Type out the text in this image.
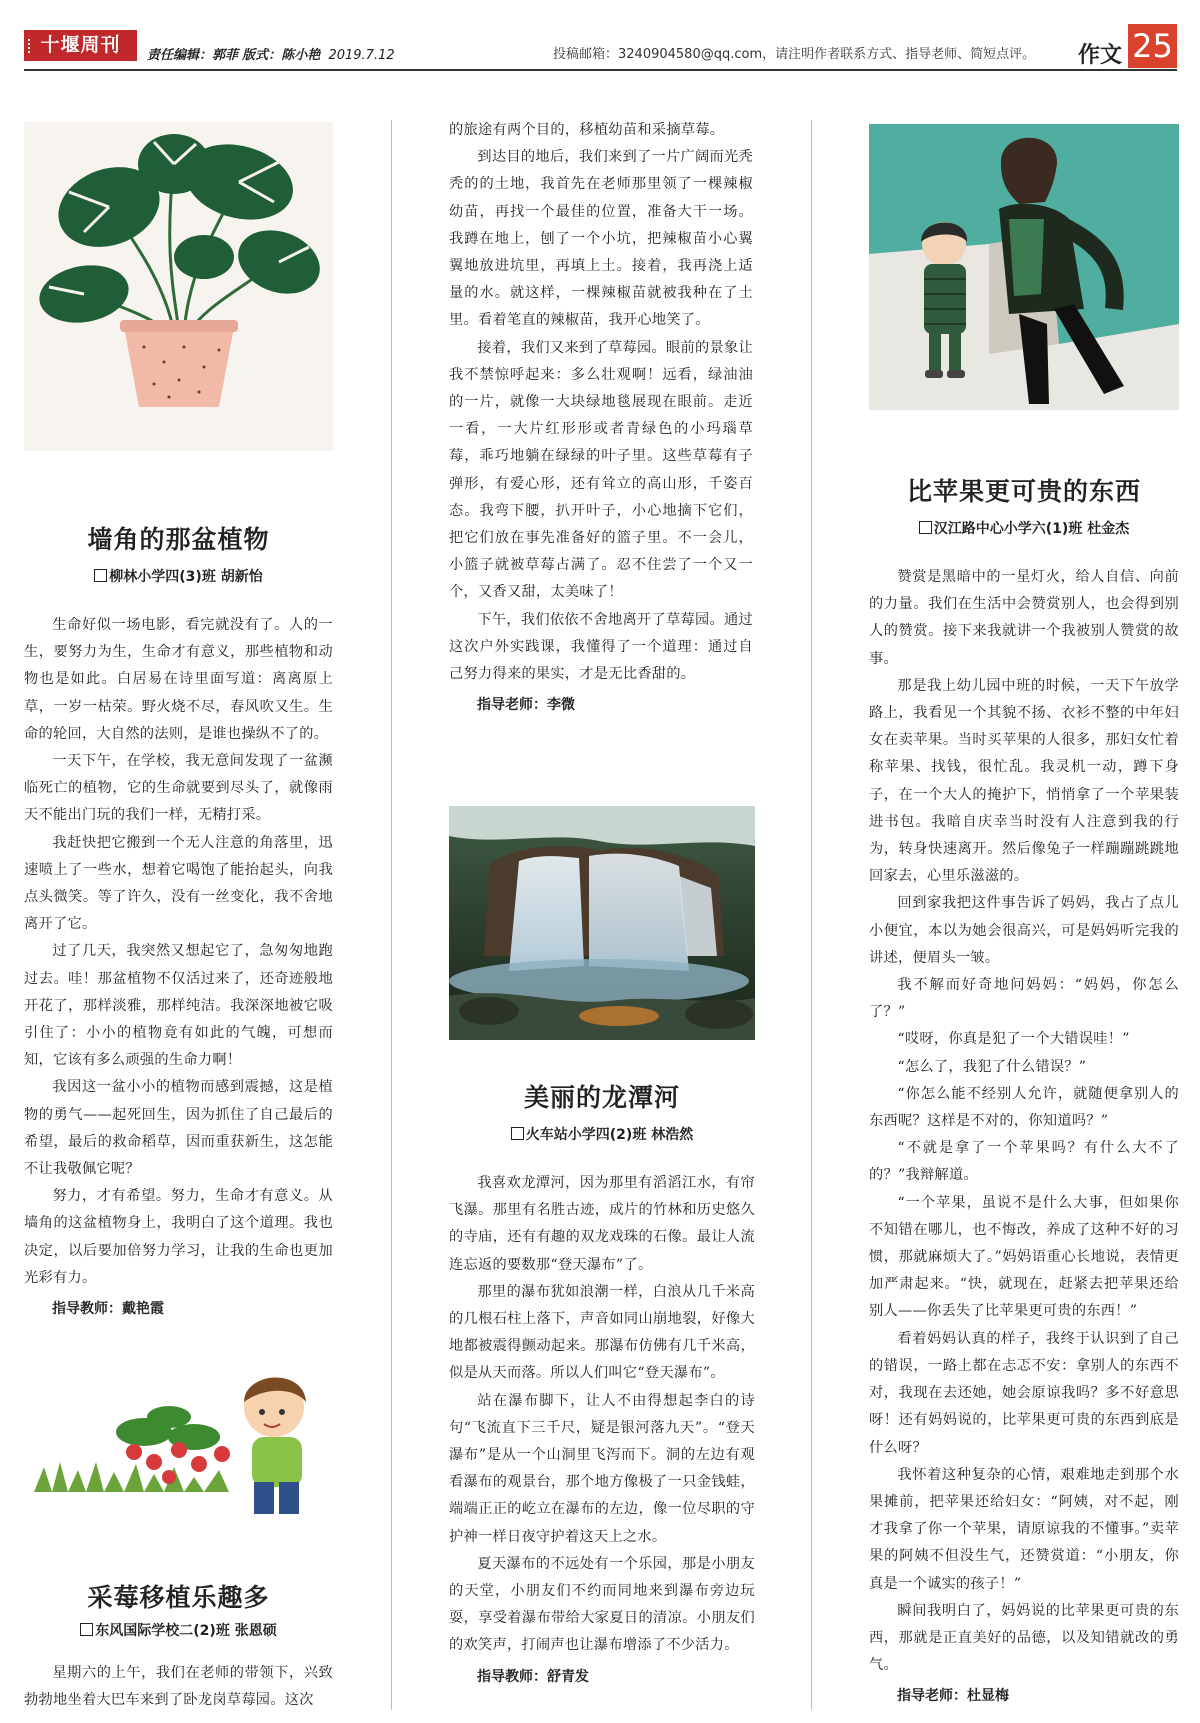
十堰周刊	责任编辑：郭菲 版式：陈小艳 2019.7.12	投稿邮箱：3240904580@qq.com，请注明作者联系方式、指导老师、简短点评。 作文 25
墙角的那盆植物
柳林小学四(3)班 胡新怡

生命好似一场电影，看完就没有了。人的一生，要努力为生，生命才有意义，那些植物和动物也是如此。白居易在诗里面写道：离离原上草，一岁一枯荣。野火烧不尽，春风吹又生。生命的轮回，大自然的法则，是谁也操纵不了的。

一天下午，在学校，我无意间发现了一盆濒临死亡的植物，它的生命就要到尽头了，就像雨天不能出门玩的我们一样，无精打采。

我赶快把它搬到一个无人注意的角落里，迅速喷上了一些水，想着它喝饱了能抬起头，向我点头微笑。等了许久，没有一丝变化，我不舍地离开了它。

过了几天，我突然又想起它了，急匆匆地跑过去。哇！那盆植物不仅活过来了，还奇迹般地开花了，那样淡雅，那样纯洁。我深深地被它吸引住了：小小的植物竟有如此的气魄，可想而知，它该有多么顽强的生命力啊！

我因这一盆小小的植物而感到震撼，这是植物的勇气——起死回生，因为抓住了自己最后的希望，最后的救命稻草，因而重获新生，这怎能不让我敬佩它呢？

努力，才有希望。努力，生命才有意义。从墙角的这盆植物身上，我明白了这个道理。我也决定，以后要加倍努力学习，让我的生命也更加光彩有力。

指导教师：戴艳霞
采莓移植乐趣多
东风国际学校二(2)班 张恩硕

星期六的上午，我们在老师的带领下，兴致勃勃地坐着大巴车来到了卧龙岗草莓园。这次

的旅途有两个目的，移植幼苗和采摘草莓。

到达目的地后，我们来到了一片广阔而光秃秃的的土地，我首先在老师那里领了一棵辣椒幼苗，再找一个最佳的位置，准备大干一场。我蹲在地上，刨了一个小坑，把辣椒苗小心翼翼地放进坑里，再填上土。接着，我再浇上适量的水。就这样，一棵辣椒苗就被我种在了土里。看着笔直的辣椒苗，我开心地笑了。

接着，我们又来到了草莓园。眼前的景象让我不禁惊呼起来：多么壮观啊！远看，绿油油的一片，就像一大块绿地毯展现在眼前。走近一看，一大片红形形或者青绿色的小玛瑙草莓，乖巧地躺在绿绿的叶子里。这些草莓有子弹形，有爱心形，还有耸立的高山形，千姿百态。我弯下腰，扒开叶子，小心地摘下它们，把它们放在事先准备好的篮子里。不一会儿，小篮子就被草莓占满了。忍不住尝了一个又一个，又香又甜，太美味了！

下午，我们依依不舍地离开了草莓园。通过这次户外实践课，我懂得了一个道理：通过自己努力得来的果实，才是无比香甜的。

指导老师：李微
美丽的龙潭河
火车站小学四(2)班 林浩然

我喜欢龙潭河，因为那里有滔滔江水，有帘飞瀑。那里有名胜古迹，成片的竹林和历史悠久的寺庙，还有有趣的双龙戏珠的石像。最让人流连忘返的要数那“登天瀑布”了。

那里的瀑布犹如浪潮一样，白浪从几千米高的几根石柱上落下，声音如同山崩地裂，好像大地都被震得颤动起来。那瀑布仿佛有几千米高，似是从天而落。所以人们叫它“登天瀑布”。

站在瀑布脚下，让人不由得想起李白的诗句“飞流直下三千尺，疑是银河落九天”。“登天瀑布”是从一个山洞里飞泻而下。洞的左边有观看瀑布的观景台，那个地方像极了一只金钱蛙，端端正正的屹立在瀑布的左边，像一位尽职的守护神一样日夜守护着这天上之水。

夏天瀑布的不远处有一个乐园，那是小朋友的天堂，小朋友们不约而同地来到瀑布旁边玩耍，享受着瀑布带给大家夏日的清凉。小朋友们的欢笑声，打闹声也让瀑布增添了不少活力。

指导教师：舒青发
比苹果更可贵的东西
汉江路中心小学六(1)班 杜金杰

赞赏是黑暗中的一星灯火，给人自信、向前的力量。我们在生活中会赞赏别人，也会得到别人的赞赏。接下来我就讲一个我被别人赞赏的故事。

那是我上幼儿园中班的时候，一天下午放学路上，我看见一个其貌不扬、衣衫不整的中年妇女在卖苹果。当时买苹果的人很多，那妇女忙着称苹果、找钱，很忙乱。我灵机一动，蹲下身子，在一个大人的掩护下，悄悄拿了一个苹果装进书包。我暗自庆幸当时没有人注意到我的行为，转身快速离开。然后像兔子一样蹦蹦跳跳地回家去，心里乐滋滋的。

回到家我把这件事告诉了妈妈，我占了点儿小便宜，本以为她会很高兴，可是妈妈听完我的讲述，便眉头一皱。

我不解而好奇地问妈妈：“妈妈，你怎么了？”

“哎呀，你真是犯了一个大错误哇！”

“怎么了，我犯了什么错误？”

“你怎么能不经别人允许，就随便拿别人的东西呢？这样是不对的，你知道吗？”

“不就是拿了一个苹果吗？有什么大不了的？”我辩解道。

“一个苹果，虽说不是什么大事，但如果你不知错在哪儿，也不悔改，养成了这种不好的习惯，那就麻烦大了。”妈妈语重心长地说，表情更加严肃起来。“快，就现在，赶紧去把苹果还给别人——你丢失了比苹果更可贵的东西！”

看着妈妈认真的样子，我终于认识到了自己的错误，一路上都在忐忑不安：拿别人的东西不对，我现在去还她，她会原谅我吗？多不好意思呀！还有妈妈说的，比苹果更可贵的东西到底是什么呀？

我怀着这种复杂的心情，艰难地走到那个水果摊前，把苹果还给妇女：“阿姨，对不起，刚才我拿了你一个苹果，请原谅我的不懂事。”卖苹果的阿姨不但没生气，还赞赏道：“小朋友，你真是一个诚实的孩子！”

瞬间我明白了，妈妈说的比苹果更可贵的东西，那就是正直美好的品德，以及知错就改的勇气。

指导老师：杜显梅
